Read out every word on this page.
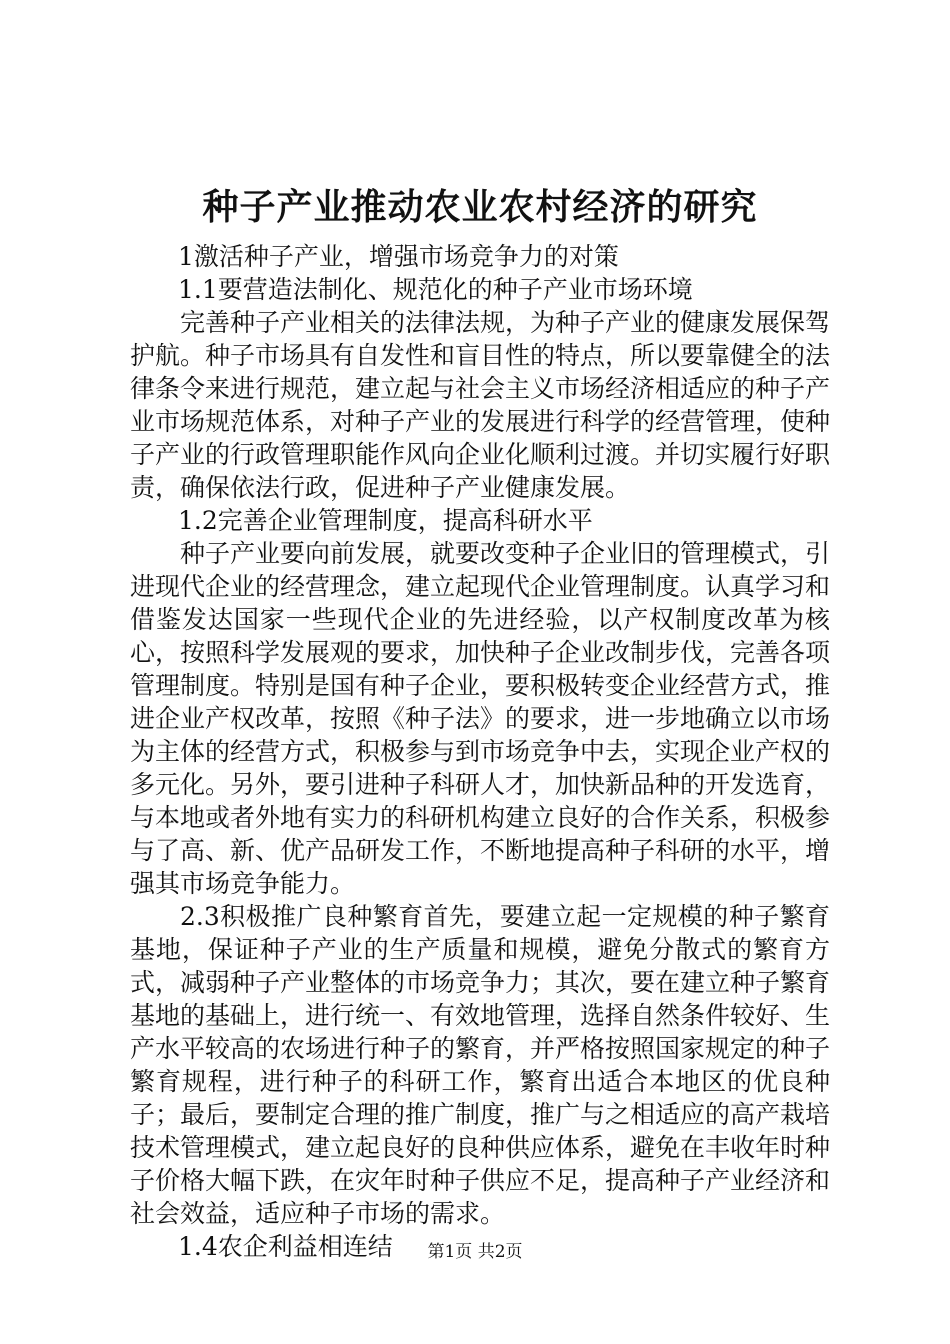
种子产业推动农业农村经济的研究

1激活种子产业，增强市场竞争力的对策

1.1要营造法制化、规范化的种子产业市场环境

完善种子产业相关的法律法规，为种子产业的健康发展保驾护航。种子市场具有自发性和盲目性的特点，所以要靠健全的法律条令来进行规范，建立起与社会主义市场经济相适应的种子产业市场规范体系，对种子产业的发展进行科学的经营管理，使种子产业的行政管理职能作风向企业化顺利过渡。并切实履行好职责，确保依法行政，促进种子产业健康发展。

1.2完善企业管理制度，提高科研水平

种子产业要向前发展，就要改变种子企业旧的管理模式，引进现代企业的经营理念，建立起现代企业管理制度。认真学习和借鉴发达国家一些现代企业的先进经验，以产权制度改革为核心，按照科学发展观的要求，加快种子企业改制步伐，完善各项管理制度。特别是国有种子企业，要积极转变企业经营方式，推进企业产权改革，按照《种子法》的要求，进一步地确立以市场为主体的经营方式，积极参与到市场竞争中去，实现企业产权的多元化。另外，要引进种子科研人才，加快新品种的开发选育，与本地或者外地有实力的科研机构建立良好的合作关系，积极参与了高、新、优产品研发工作，不断地提高种子科研的水平，增强其市场竞争能力。

2.3积极推广良种繁育首先，要建立起一定规模的种子繁育基地，保证种子产业的生产质量和规模，避免分散式的繁育方式，减弱种子产业整体的市场竞争力；其次，要在建立种子繁育基地的基础上，进行统一、有效地管理，选择自然条件较好、生产水平较高的农场进行种子的繁育，并严格按照国家规定的种子繁育规程，进行种子的科研工作，繁育出适合本地区的优良种子；最后，要制定合理的推广制度，推广与之相适应的高产栽培技术管理模式，建立起良好的良种供应体系，避免在丰收年时种子价格大幅下跌，在灾年时种子供应不足，提高种子产业经济和社会效益，适应种子市场的需求。

1.4农企利益相连结	第1页 共2页
